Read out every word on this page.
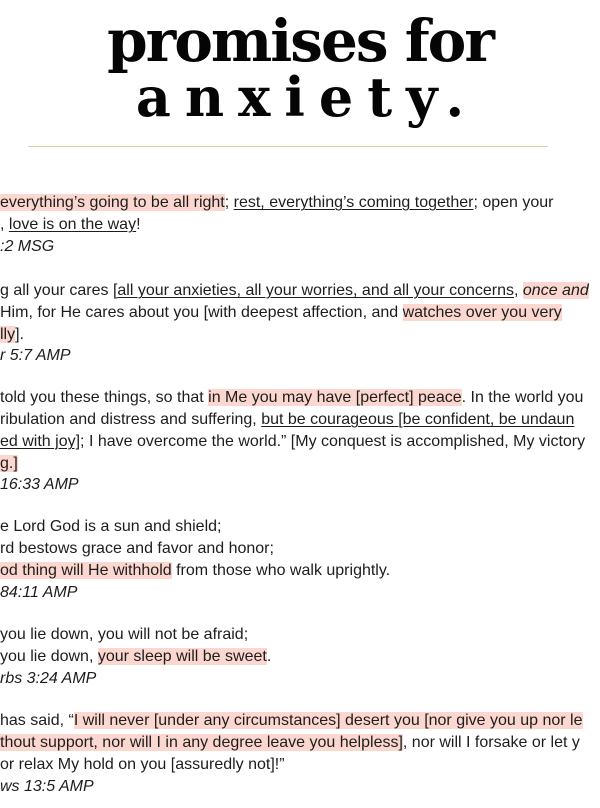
promises for
anxiety.
everything’s going to be all right; rest, everything’s coming together; open your
, love is on the way!
:2 MSG
g all your cares [all your anxieties, all your worries, and all your concerns, once and
Him, for He cares about you [with deepest affection, and watches over you very
lly].
r 5:7 AMP
told you these things, so that in Me you may have [perfect] peace. In the world you
ribulation and distress and suffering, but be courageous [be confident, be undaun
ed with joy]; I have overcome the world.” [My conquest is accomplished, My victory
g.]
16:33 AMP
e Lord God is a sun and shield;
rd bestows grace and favor and honor;
od thing will He withhold from those who walk uprightly.
84:11 AMP
you lie down, you will not be afraid;
you lie down, your sleep will be sweet.
rbs 3:24 AMP
has said, “I will never [under any circumstances] desert you [nor give you up nor le
thout support, nor will I in any degree leave you helpless], nor will I forsake or let y
or relax My hold on you [assuredly not]!”
ws 13:5 AMP
